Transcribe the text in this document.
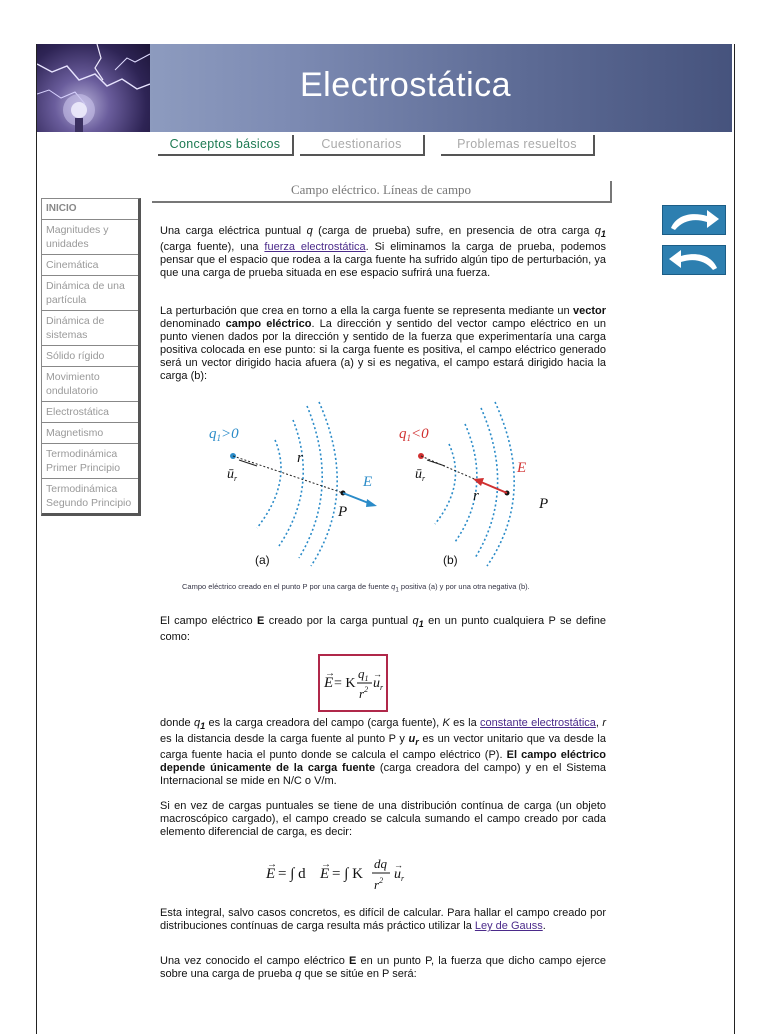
Electrostática
Conceptos básicos	Cuestionarios	Problemas resueltos
Campo eléctrico. Líneas de campo
INICIO
Magnitudes y unidades
Cinemática
Dinámica de una partícula
Dinámica de sistemas
Sólido rígido
Movimiento ondulatorio
Electrostática
Magnetismo
Termodinámica Primer Principio
Termodinámica Segundo Principio
Una carga eléctrica puntual q (carga de prueba) sufre, en presencia de otra carga $q_1$ (carga fuente), una fuerza electrostática. Si eliminamos la carga de prueba, podemos pensar que el espacio que rodea a la carga fuente ha sufrido algún tipo de perturbación, ya que una carga de prueba situada en ese espacio sufrirá una fuerza.
La perturbación que crea en torno a ella la carga fuente se representa mediante un vector denominado campo eléctrico. La dirección y sentido del vector campo eléctrico en un punto vienen dados por la dirección y sentido de la fuerza que experimentaría una carga positiva colocada en ese punto: si la carga fuente es positiva, el campo eléctrico generado será un vector dirigido hacia afuera (a) y si es negativa, el campo estará dirigido hacia la carga (b):
$q_1>0$
$ū_r$
r
E
P
(a)
$q_1<0$
$ū_r$
E
r	P
(b)
Campo eléctrico creado en el punto P por una carga de fuente $q_1$ positiva (a) y por una otra negativa (b).
El campo eléctrico E creado por la carga puntual $q_1$ en un punto cualquiera P se define como:
E
→
= K
$q_1$
$r^2$ $u_r$
→
donde $q_1$ es la carga creadora del campo (carga fuente), K es la constante electrostática, r es la distancia desde la carga fuente al punto P y $u_r$ es un vector unitario que va desde la carga fuente hacia el punto donde se calcula el campo eléctrico (P). El campo eléctrico depende únicamente de la carga fuente (carga creadora del campo) y en el Sistema Internacional se mide en N/C o V/m.
Si en vez de cargas puntuales se tiene de una distribución contínua de carga (un objeto macroscópico cargado), el campo creado se calcula sumando el campo creado por cada elemento diferencial de carga, es decir:
E
→
= ∫ d E
→
= ∫ K
dq
$r^2$ $u_r$
→
Esta integral, salvo casos concretos, es difícil de calcular. Para hallar el campo creado por distribuciones contínuas de carga resulta más práctico utilizar la Ley de Gauss.
Una vez conocido el campo eléctrico E en un punto P, la fuerza que dicho campo ejerce sobre una carga de prueba q que se sitúe en P será:
